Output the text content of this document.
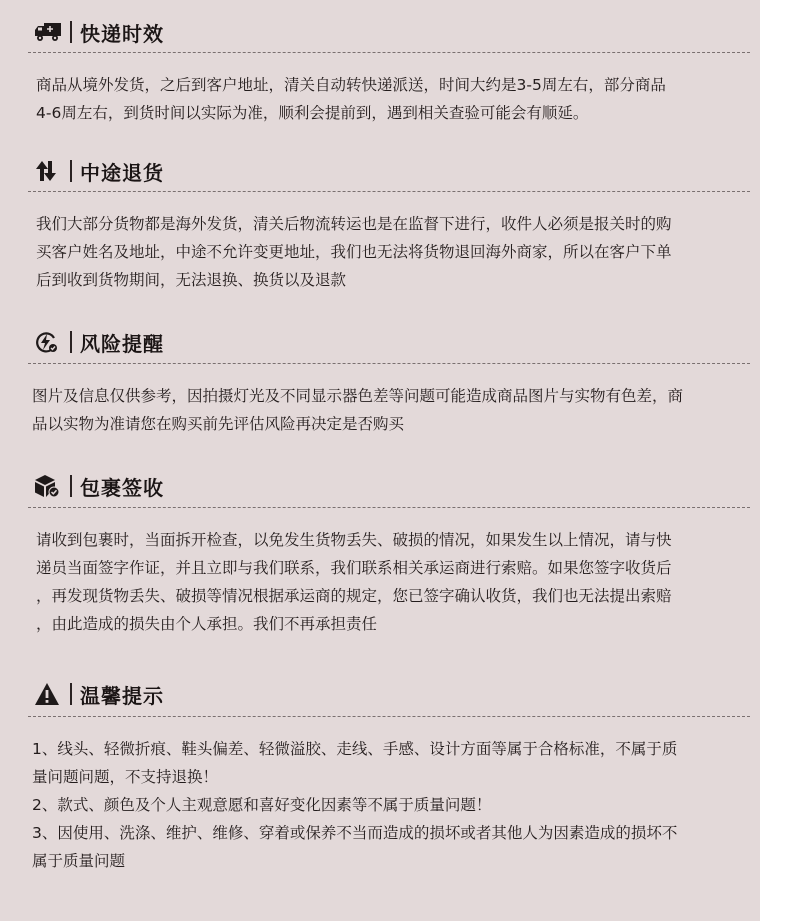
快递时效

商品从境外发货，之后到客户地址，清关自动转快递派送，时间大约是3-5周左右，部分商品

4-6周左右，到货时间以实际为准，顺利会提前到，遇到相关查验可能会有顺延。

中途退货

我们大部分货物都是海外发货，清关后物流转运也是在监督下进行，收件人必须是报关时的购

买客户姓名及地址，中途不允许变更地址，我们也无法将货物退回海外商家，所以在客户下单

后到收到货物期间，无法退换、换货以及退款

风险提醒

图片及信息仅供参考，因拍摄灯光及不同显示器色差等问题可能造成商品图片与实物有色差，商

品以实物为准请您在购买前先评估风险再决定是否购买

包裹签收

请收到包裹时，当面拆开检查，以免发生货物丢失、破损的情况，如果发生以上情况，请与快

递员当面签字作证，并且立即与我们联系，我们联系相关承运商进行索赔。如果您签字收货后

，再发现货物丢失、破损等情况根据承运商的规定，您已签字确认收货，我们也无法提出索赔

，由此造成的损失由个人承担。我们不再承担责任

温馨提示

1、线头、轻微折痕、鞋头偏差、轻微溢胶、走线、手感、设计方面等属于合格标准，不属于质

量问题问题，不支持退换！

2、款式、颜色及个人主观意愿和喜好变化因素等不属于质量问题！

3、因使用、洗涤、维护、维修、穿着或保养不当而造成的损坏或者其他人为因素造成的损坏不

属于质量问题
